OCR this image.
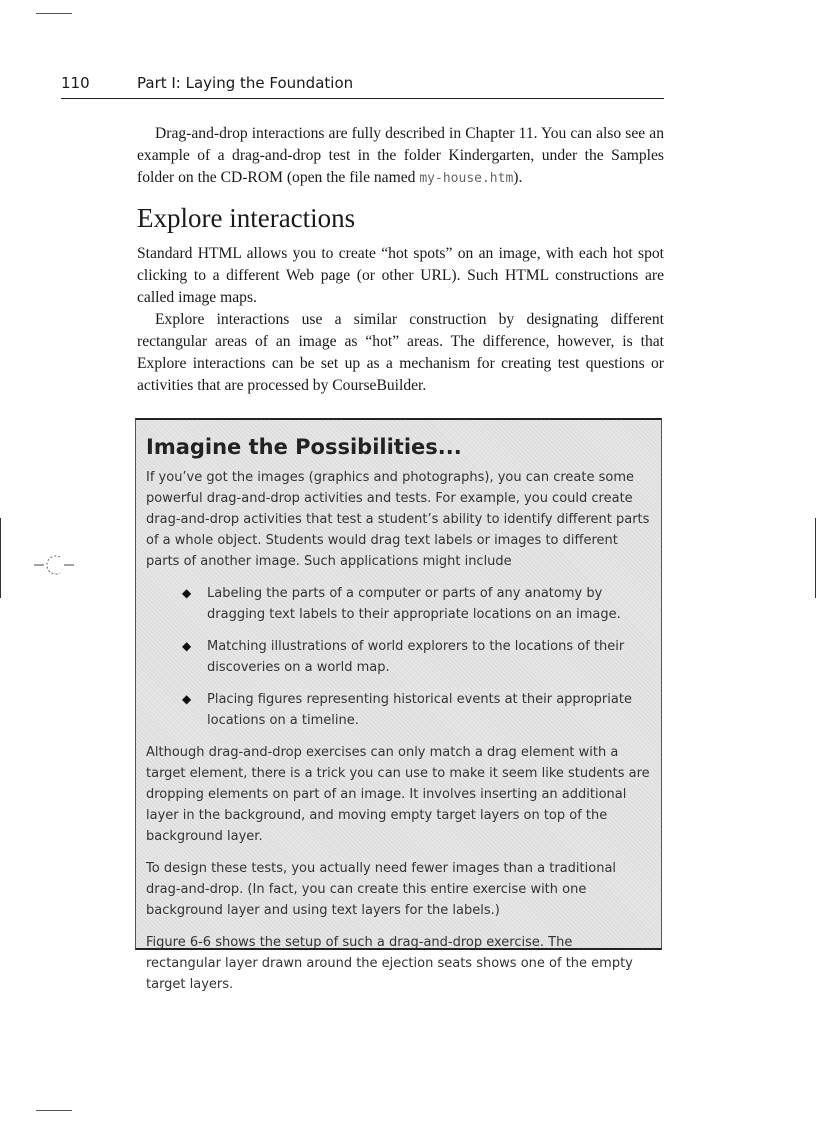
110	Part I: Laying the Foundation

Drag-and-drop interactions are fully described in Chapter 11. You can also see an example of a drag-and-drop test in the folder Kindergarten, under the Samples folder on the CD-ROM (open the file named my-house.htm).

Explore interactions

Standard HTML allows you to create “hot spots” on an image, with each hot spot clicking to a different Web page (or other URL). Such HTML constructions are called image maps.

Explore interactions use a similar construction by designating different rectangular areas of an image as “hot” areas. The difference, however, is that Explore interactions can be set up as a mechanism for creating test questions or activities that are processed by CourseBuilder.

Imagine the Possibilities...

If you’ve got the images (graphics and photographs), you can create some powerful drag-and-drop activities and tests. For example, you could create drag-and-drop activities that test a student’s ability to identify different parts of a whole object. Students would drag text labels or images to different parts of another image. Such applications might include

◆ Labeling the parts of a computer or parts of any anatomy by dragging text labels to their appropriate locations on an image.
◆ Matching illustrations of world explorers to the locations of their discoveries on a world map.
◆ Placing figures representing historical events at their appropriate locations on a timeline.

Although drag-and-drop exercises can only match a drag element with a target element, there is a trick you can use to make it seem like students are dropping elements on part of an image. It involves inserting an additional layer in the background, and moving empty target layers on top of the background layer.

To design these tests, you actually need fewer images than a traditional drag-and-drop. (In fact, you can create this entire exercise with one background layer and using text layers for the labels.)

Figure 6-6 shows the setup of such a drag-and-drop exercise. The rectangular layer drawn around the ejection seats shows one of the empty target layers.
